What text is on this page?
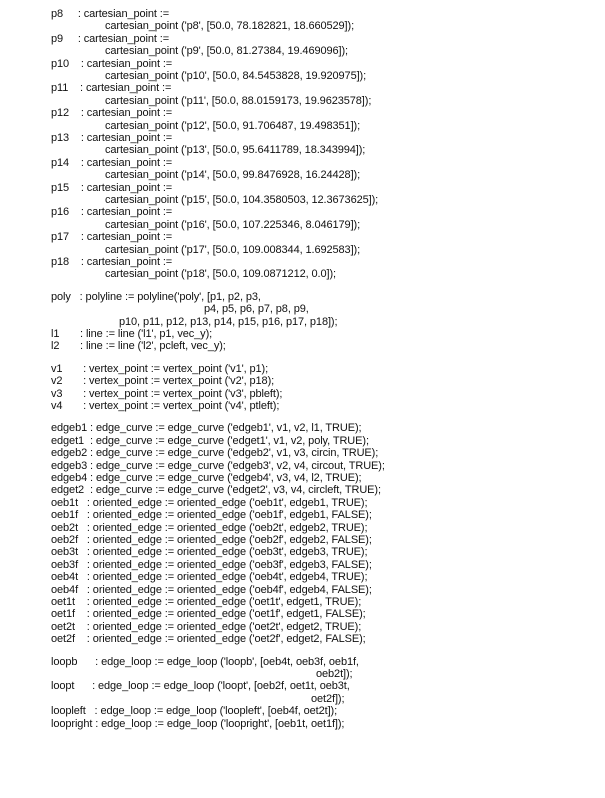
p8     : cartesian_point :=
cartesian_point ('p8', [50.0, 78.182821, 18.660529]);
p9     : cartesian_point :=
cartesian_point ('p9', [50.0, 81.27384, 19.469096]);
p10    : cartesian_point :=
cartesian_point ('p10', [50.0, 84.5453828, 19.920975]);
p11    : cartesian_point :=
cartesian_point ('p11', [50.0, 88.0159173, 19.9623578]);
p12    : cartesian_point :=
cartesian_point ('p12', [50.0, 91.706487, 19.498351]);
p13    : cartesian_point :=
cartesian_point ('p13', [50.0, 95.6411789, 18.343994]);
p14    : cartesian_point :=
cartesian_point ('p14', [50.0, 99.8476928, 16.24428]);
p15    : cartesian_point :=
cartesian_point ('p15', [50.0, 104.3580503, 12.3673625]);
p16    : cartesian_point :=
cartesian_point ('p16', [50.0, 107.225346, 8.046179]);
p17    : cartesian_point :=
cartesian_point ('p17', [50.0, 109.008344, 1.692583]);
p18    : cartesian_point :=
cartesian_point ('p18', [50.0, 109.0871212, 0.0]);
poly   : polyline := polyline('poly', [p1, p2, p3,
p4, p5, p6, p7, p8, p9,
p10, p11, p12, p13, p14, p15, p16, p17, p18]);
l1       : line := line ('l1', p1, vec_y);
l2       : line := line ('l2', pcleft, vec_y);
v1       : vertex_point := vertex_point ('v1', p1);
v2       : vertex_point := vertex_point ('v2', p18);
v3       : vertex_point := vertex_point ('v3', pbleft);
v4       : vertex_point := vertex_point ('v4', ptleft);
edgeb1 : edge_curve := edge_curve ('edgeb1', v1, v2, l1, TRUE);
edget1  : edge_curve := edge_curve ('edget1', v1, v2, poly, TRUE);
edgeb2 : edge_curve := edge_curve ('edgeb2', v1, v3, circin, TRUE);
edgeb3 : edge_curve := edge_curve ('edgeb3', v2, v4, circout, TRUE);
edgeb4 : edge_curve := edge_curve ('edgeb4', v3, v4, l2, TRUE);
edget2  : edge_curve := edge_curve ('edget2', v3, v4, circleft, TRUE);
oeb1t   : oriented_edge := oriented_edge ('oeb1t', edgeb1, TRUE);
oeb1f   : oriented_edge := oriented_edge ('oeb1f', edgeb1, FALSE);
oeb2t   : oriented_edge := oriented_edge ('oeb2t', edgeb2, TRUE);
oeb2f   : oriented_edge := oriented_edge ('oeb2f', edgeb2, FALSE);
oeb3t   : oriented_edge := oriented_edge ('oeb3t', edgeb3, TRUE);
oeb3f   : oriented_edge := oriented_edge ('oeb3f', edgeb3, FALSE);
oeb4t   : oriented_edge := oriented_edge ('oeb4t', edgeb4, TRUE);
oeb4f   : oriented_edge := oriented_edge ('oeb4f', edgeb4, FALSE);
oet1t    : oriented_edge := oriented_edge ('oet1t', edget1, TRUE);
oet1f    : oriented_edge := oriented_edge ('oet1f', edget1, FALSE);
oet2t    : oriented_edge := oriented_edge ('oet2t', edget2, TRUE);
oet2f    : oriented_edge := oriented_edge ('oet2f', edget2, FALSE);
loopb      : edge_loop := edge_loop ('loopb', [oeb4t, oeb3f, oeb1f,
oeb2t]);
loopt      : edge_loop := edge_loop ('loopt', [oeb2f, oet1t, oeb3t,
oet2f]);
loopleft   : edge_loop := edge_loop ('loopleft', [oeb4f, oet2t]);
loopright : edge_loop := edge_loop ('loopright', [oeb1t, oet1f]);
